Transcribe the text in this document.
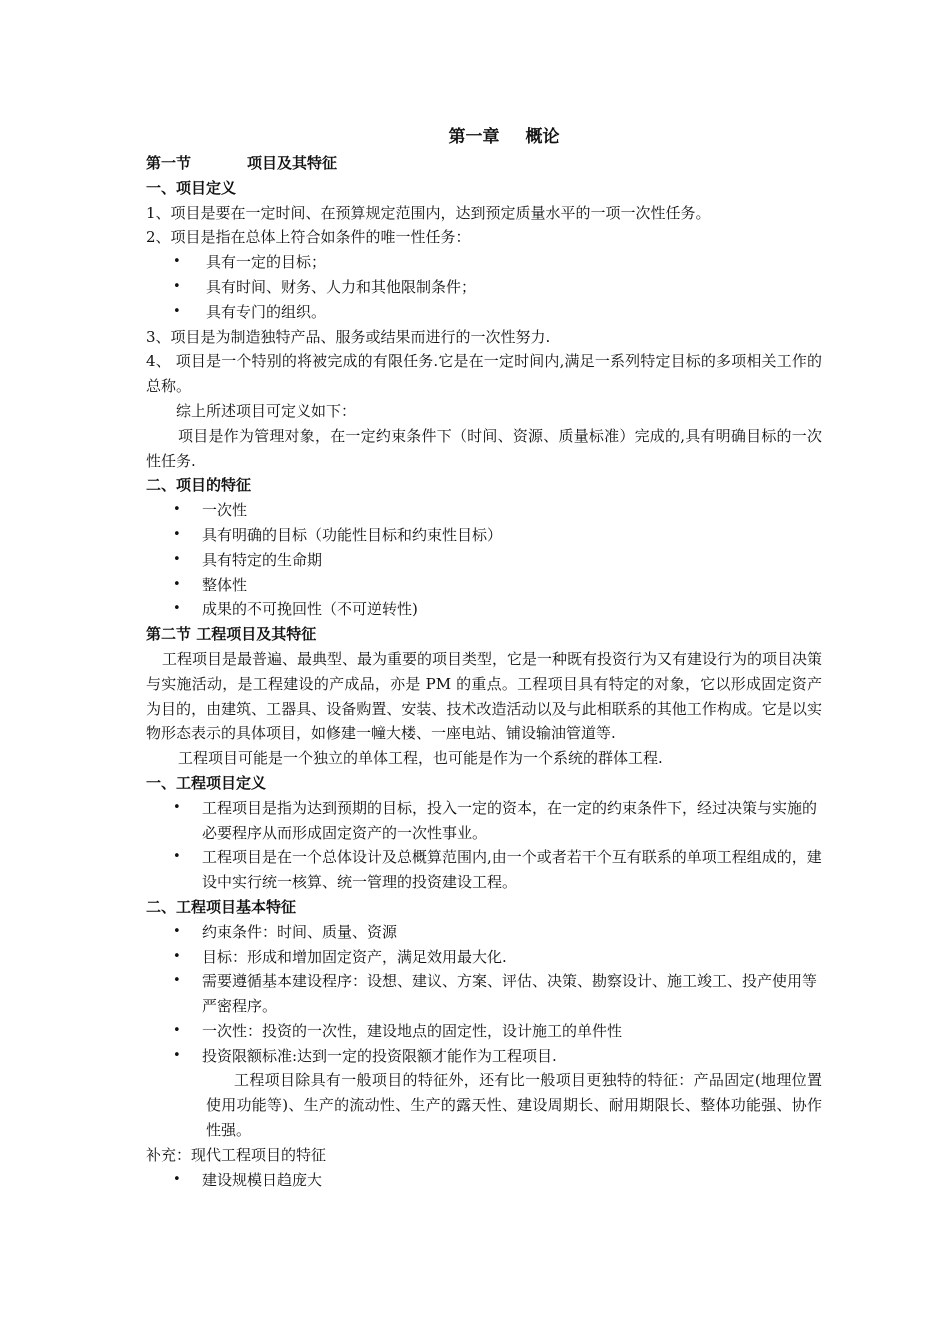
第一章 概论
第一节	项目及其特征
一、项目定义
1、项目是要在一定时间、在预算规定范围内，达到预定质量水平的一项一次性任务。
2、项目是指在总体上符合如条件的唯一性任务：
• 具有一定的目标；
• 具有时间、财务、人力和其他限制条件；
• 具有专门的组织。
3、项目是为制造独特产品、服务或结果而进行的一次性努力.
4、 项目是一个特别的将被完成的有限任务.它是在一定时间内,满足一系列特定目标的多项相关工作的总称。
综上所述项目可定义如下：
项目是作为管理对象，在一定约束条件下（时间、资源、质量标准）完成的,具有明确目标的一次性任务.
二、项目的特征
• 一次性
• 具有明确的目标（功能性目标和约束性目标）
• 具有特定的生命期
• 整体性
• 成果的不可挽回性（不可逆转性)
第二节 工程项目及其特征
工程项目是最普遍、最典型、最为重要的项目类型，它是一种既有投资行为又有建设行为的项目决策与实施活动，是工程建设的产成品，亦是 PM 的重点。工程项目具有特定的对象，它以形成固定资产为目的，由建筑、工器具、设备购置、安装、技术改造活动以及与此相联系的其他工作构成。它是以实物形态表示的具体项目，如修建一幢大楼、一座电站、铺设输油管道等.
工程项目可能是一个独立的单体工程，也可能是作为一个系统的群体工程.
一、工程项目定义
• 工程项目是指为达到预期的目标，投入一定的资本，在一定的约束条件下，经过决策与实施的必要程序从而形成固定资产的一次性事业。
• 工程项目是在一个总体设计及总概算范围内,由一个或者若干个互有联系的单项工程组成的，建设中实行统一核算、统一管理的投资建设工程。
二、工程项目基本特征
• 约束条件：时间、质量、资源
• 目标：形成和增加固定资产，满足效用最大化.
• 需要遵循基本建设程序：设想、建议、方案、评估、决策、勘察设计、施工竣工、投产使用等严密程序。
• 一次性：投资的一次性，建设地点的固定性，设计施工的单件性
• 投资限额标准:达到一定的投资限额才能作为工程项目.
工程项目除具有一般项目的特征外，还有比一般项目更独特的特征：产品固定(地理位置使用功能等)、生产的流动性、生产的露天性、建设周期长、耐用期限长、整体功能强、协作性强。
补充：现代工程项目的特征
• 建设规模日趋庞大
